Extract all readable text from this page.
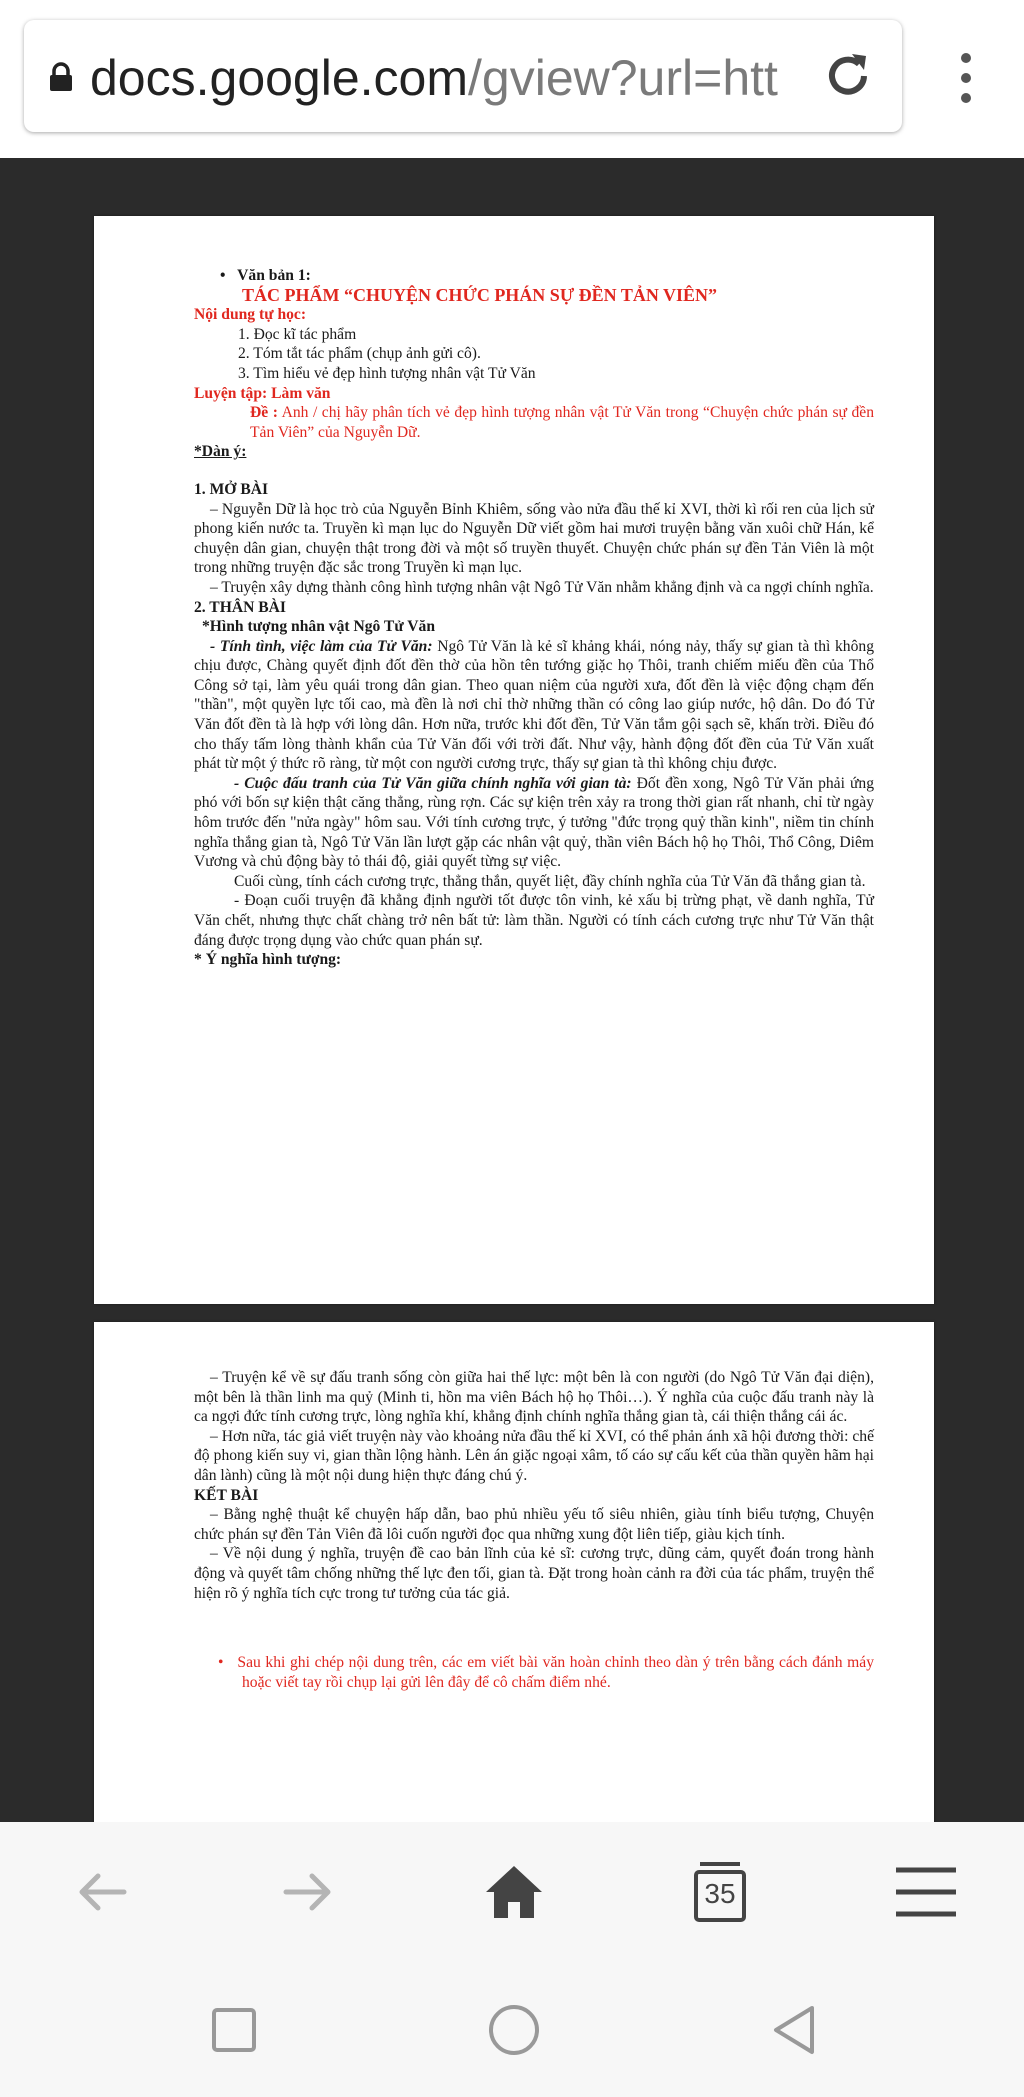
docs.google.com/gview?url=htt
•   Văn bản 1:
TÁC PHẨM “CHUYỆN CHỨC PHÁN SỰ ĐỀN TẢN VIÊN”
Nội dung tự học:
1. Đọc kĩ tác phẩm
2. Tóm tắt tác phẩm (chụp ảnh gửi cô).
3. Tìm hiểu vẻ đẹp hình tượng nhân vật Tử Văn
Luyện tập: Làm văn
Đề : Anh / chị hãy phân tích vẻ đẹp hình tượng nhân vật Tử Văn trong “Chuyện chức phán sự đền Tản Viên” của Nguyễn Dữ.
*Dàn ý:
1. MỞ BÀI
– Nguyễn Dữ là học trò của Nguyễn Bỉnh Khiêm, sống vào nửa đầu thế kỉ XVI, thời kì rối ren của lịch sử phong kiến nước ta. Truyền kì mạn lục do Nguyễn Dữ viết gồm hai mươi truyện bằng văn xuôi chữ Hán, kể chuyện dân gian, chuyện thật trong đời và một số truyền thuyết. Chuyện chức phán sự đền Tản Viên là một trong những truyện đặc sắc trong Truyền kì mạn lục.
– Truyện xây dựng thành công hình tượng nhân vật Ngô Tử Văn nhằm khẳng định và ca ngợi chính nghĩa.
2. THÂN BÀI
*Hình tượng nhân vật Ngô Tử Văn
- Tính tình, việc làm của Tử Văn: Ngô Tử Văn là kẻ sĩ khảng khái, nóng nảy, thấy sự gian tà thì không chịu được, Chàng quyết định đốt đền thờ của hồn tên tướng giặc họ Thôi, tranh chiếm miếu đền của Thổ Công sở tại, làm yêu quái trong dân gian. Theo quan niệm của người xưa, đốt đền là việc động chạm đến "thần", một quyền lực tối cao, mà đền là nơi chỉ thờ những thần có công lao giúp nước, hộ dân. Do đó Tử Văn đốt đền tà là hợp với lòng dân. Hơn nữa, trước khi đốt đền, Tử Văn tắm gội sạch sẽ, khấn trời. Điều đó cho thấy tấm lòng thành khẩn của Tử Văn đối với trời đất. Như vậy, hành động đốt đền của Tử Văn xuất phát từ một ý thức rõ ràng, từ một con người cương trực, thấy sự gian tà thì không chịu được.
- Cuộc đấu tranh của Tử Văn giữa chính nghĩa với gian tà: Đốt đền xong, Ngô Tử Văn phải ứng phó với bốn sự kiện thật căng thẳng, rùng rợn. Các sự kiện trên xảy ra trong thời gian rất nhanh, chỉ từ ngày hôm trước đến "nửa ngày" hôm sau. Với tính cương trực, ý tưởng "đức trọng quỷ thần kinh", niềm tin chính nghĩa thắng gian tà, Ngô Tử Văn lần lượt gặp các nhân vật quỷ, thần viên Bách hộ họ Thôi, Thổ Công, Diêm Vương và chủ động bày tỏ thái độ, giải quyết từng sự việc.
Cuối cùng, tính cách cương trực, thẳng thắn, quyết liệt, đầy chính nghĩa của Tử Văn đã thắng gian tà.
- Đoạn cuối truyện đã khẳng định người tốt được tôn vinh, kẻ xấu bị trừng phạt, về danh nghĩa, Tử Văn chết, nhưng thực chất chàng trở nên bất tử: làm thần. Người có tính cách cương trực như Tử Văn thật đáng được trọng dụng vào chức quan phán sự.
* Ý nghĩa hình tượng:
– Truyện kể về sự đấu tranh sống còn giữa hai thế lực: một bên là con người (do Ngô Tử Văn đại diện), một bên là thần linh ma quỷ (Minh ti, hồn ma viên Bách hộ họ Thôi…). Ý nghĩa của cuộc đấu tranh này là ca ngợi đức tính cương trực, lòng nghĩa khí, khẳng định chính nghĩa thắng gian tà, cái thiện thắng cái ác.
– Hơn nữa, tác giả viết truyện này vào khoảng nửa đầu thế kỉ XVI, có thể phản ánh xã hội đương thời: chế độ phong kiến suy vi, gian thần lộng hành. Lên án giặc ngoại xâm, tố cáo sự cấu kết của thần quyền hãm hại dân lành) cũng là một nội dung hiện thực đáng chú ý.
KẾT BÀI
– Bằng nghệ thuật kể chuyện hấp dẫn, bao phủ nhiều yếu tố siêu nhiên, giàu tính biểu tượng, Chuyện chức phán sự đền Tản Viên đã lôi cuốn người đọc qua những xung đột liên tiếp, giàu kịch tính.
– Về nội dung ý nghĩa, truyện đề cao bản lĩnh của kẻ sĩ: cương trực, dũng cảm, quyết đoán trong hành động và quyết tâm chống những thế lực đen tối, gian tà. Đặt trong hoàn cảnh ra đời của tác phẩm, truyện thể hiện rõ ý nghĩa tích cực trong tư tưởng của tác giả.
•   Sau khi ghi chép nội dung trên, các em viết bài văn hoàn chỉnh theo dàn ý trên bằng cách đánh máy hoặc viết tay rồi chụp lại gửi lên đây để cô chấm điểm nhé.
35
